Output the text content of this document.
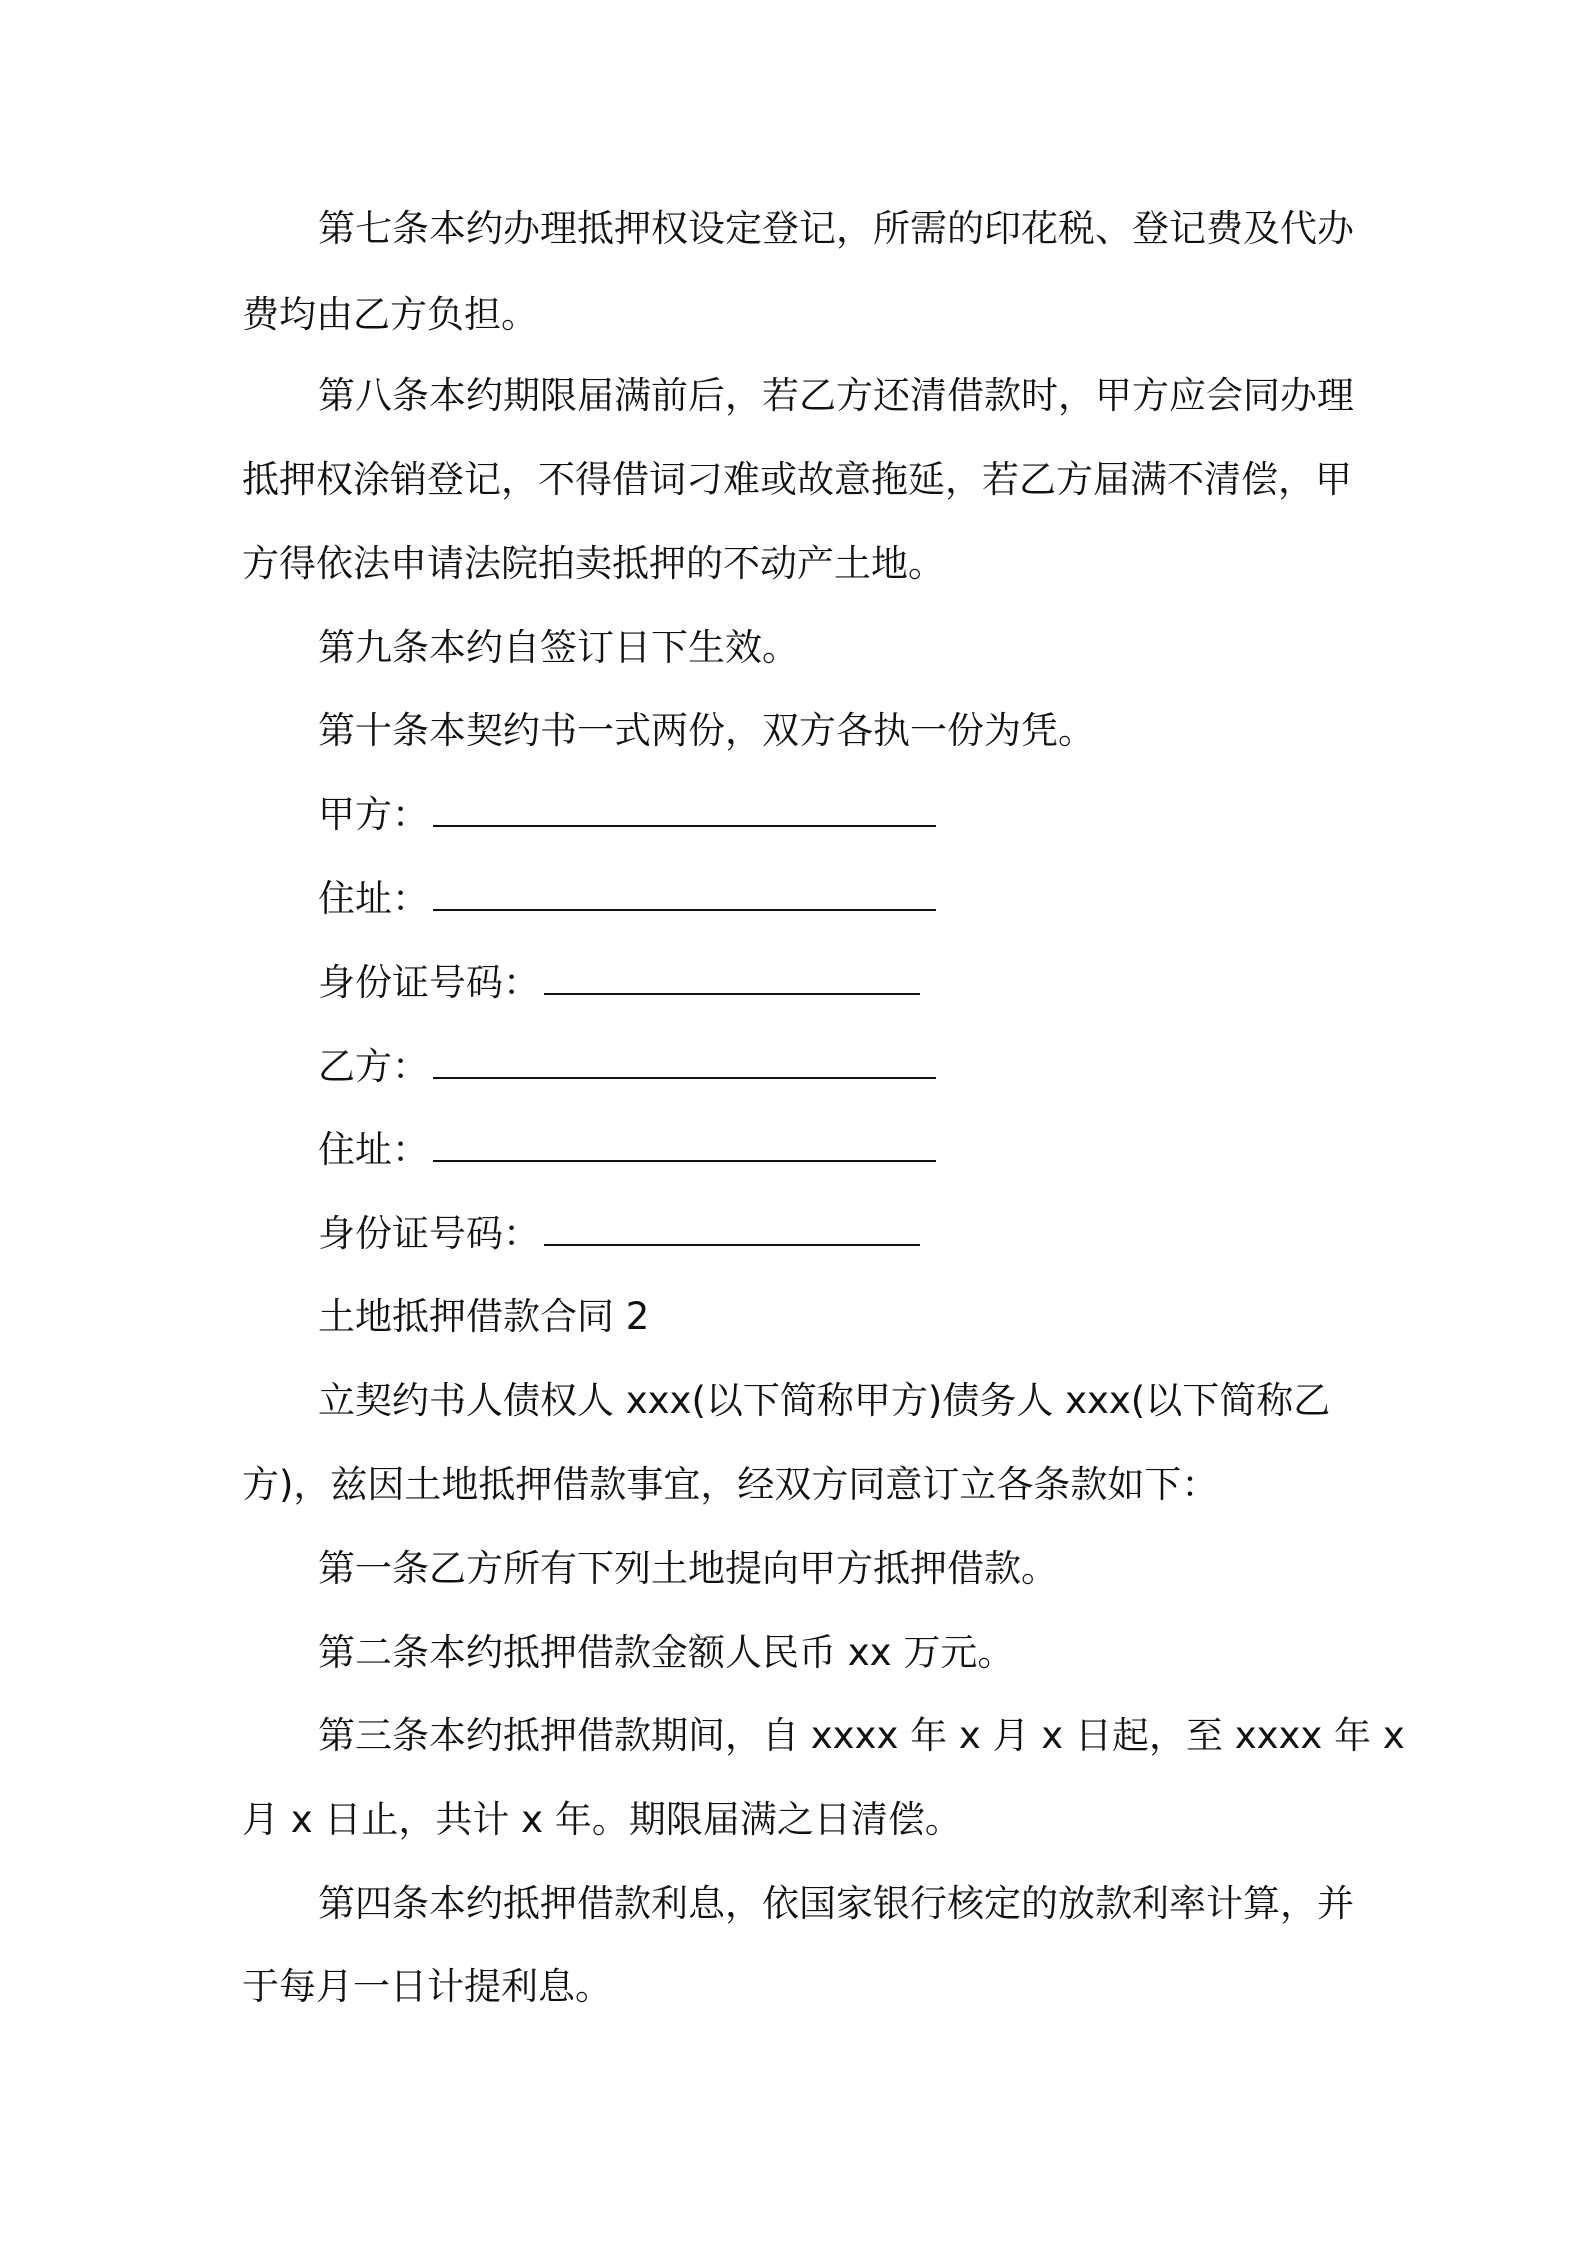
第七条本约办理抵押权设定登记，所需的印花税、登记费及代办

费均由乙方负担。

第八条本约期限届满前后，若乙方还清借款时，甲方应会同办理

抵押权涂销登记，不得借词刁难或故意拖延，若乙方届满不清偿，甲

方得依法申请法院拍卖抵押的不动产土地。

第九条本约自签订日下生效。

第十条本契约书一式两份，双方各执一份为凭。

甲方：
住址：
身份证号码：
乙方：
住址：
身份证号码：

土地抵押借款合同 2

立契约书人债权人 xxx(以下简称甲方)债务人 xxx(以下简称乙

方)，兹因土地抵押借款事宜，经双方同意订立各条款如下：

第一条乙方所有下列土地提向甲方抵押借款。

第二条本约抵押借款金额人民币 xx 万元。

第三条本约抵押借款期间，自 xxxx 年 x 月 x 日起，至 xxxx 年 x

月 x 日止，共计 x 年。期限届满之日清偿。

第四条本约抵押借款利息，依国家银行核定的放款利率计算，并

于每月一日计提利息。
